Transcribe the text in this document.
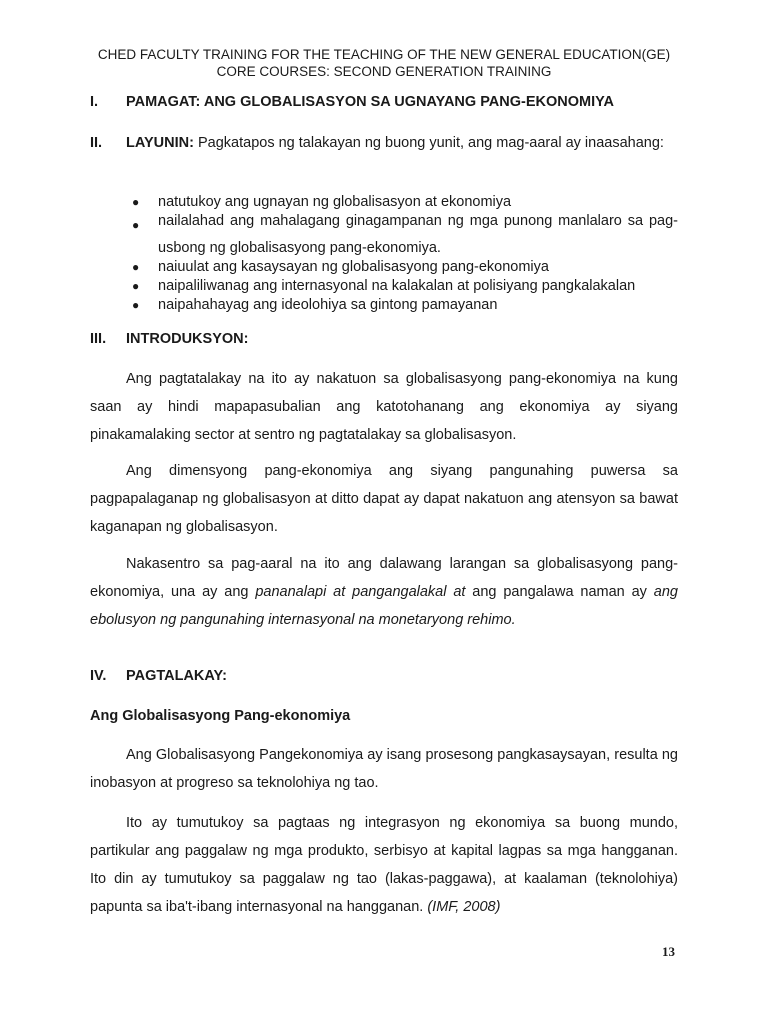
CHED FACULTY TRAINING FOR THE TEACHING OF THE NEW GENERAL EDUCATION(GE)
CORE COURSES: SECOND GENERATION TRAINING
I. PAMAGAT: ANG GLOBALISASYON SA UGNAYANG PANG-EKONOMIYA
II. LAYUNIN: Pagkatapos ng talakayan ng buong yunit, ang mag-aaral ay inaasahang:

● natutukoy ang ugnayan ng globalisasyon at ekonomiya
● nailalahad ang mahalagang ginagampanan ng mga punong manlalaro sa pag-usbong ng globalisasyong pang-ekonomiya.
● naiuulat ang kasaysayan ng globalisasyong pang-ekonomiya
● naipaliliwanag ang internasyonal na kalakalan at polisiyang pangkalakalan
● naipahahayag ang ideolohiya sa gintong pamayanan
III. INTRODUKSYON:

Ang pagtatalakay na ito ay nakatuon sa globalisasyong pang-ekonomiya na kung saan ay hindi mapapasubalian ang katotohanang ang ekonomiya ay siyang pinakamalaking sector at sentro ng pagtatalakay sa globalisasyon.

Ang dimensyong pang-ekonomiya ang siyang pangunahing puwersa sa pagpapalaganap ng globalisasyon at ditto dapat ay dapat nakatuon ang atensyon sa bawat kaganapan ng globalisasyon.

Nakasentro sa pag-aaral na ito ang dalawang larangan sa globalisasyong pang-ekonomiya, una ay ang pananalapi at pangangalakal at ang pangalawa naman ay ang ebolusyon ng pangunahing internasyonal na monetaryong rehimo.

IV. PAGTALAKAY:
Ang Globalisasyong Pang-ekonomiya

Ang Globalisasyong Pangekonomiya ay isang prosesong pangkasaysayan, resulta ng inobasyon at progreso sa teknolohiya ng tao.

Ito ay tumutukoy sa pagtaas ng integrasyon ng ekonomiya sa buong mundo, partikular ang paggalaw ng mga produkto, serbisyo at kapital lagpas sa mga hangganan. Ito din ay tumutukoy sa paggalaw ng tao (lakas-paggawa), at kaalaman (teknolohiya) papunta sa iba't-ibang internasyonal na hangganan. (IMF, 2008)

13
